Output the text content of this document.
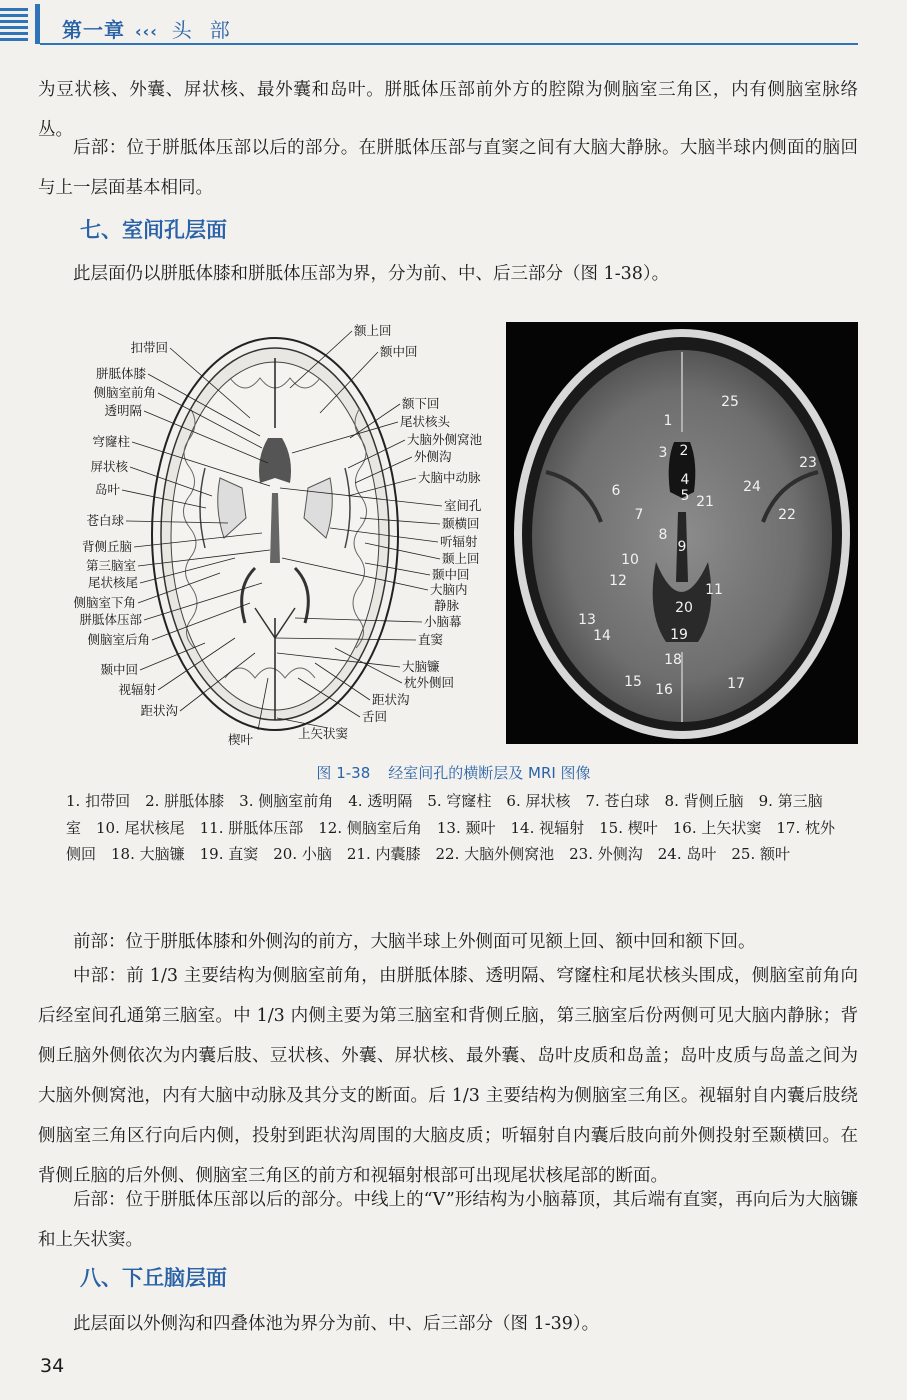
第一章 ‹‹‹ 头部

为豆状核、外囊、屏状核、最外囊和岛叶。胼胝体压部前外方的腔隙为侧脑室三角区，内有侧脑室脉络丛。

后部：位于胼胝体压部以后的部分。在胼胝体压部与直窦之间有大脑大静脉。大脑半球内侧面的脑回与上一层面基本相同。

七、室间孔层面

此层面仍以胼胝体膝和胼胝体压部为界，分为前、中、后三部分（图 1-38）。

扣带回
胼胝体膝
侧脑室前角
透明隔
穹窿柱
屏状核
岛叶
苍白球
背侧丘脑
第三脑室
尾状核尾
侧脑室下角
胼胝体压部
侧脑室后角
颞中回
视辐射
距状沟
额上回
额中回
额下回
尾状核头
大脑外侧窝池
外侧沟
大脑中动脉
室间孔
颞横回
听辐射
颞上回
颞中回
大脑内
静脉
小脑幕
直窦
大脑镰
枕外侧回
距状沟
舌回
楔叶	上矢状窦
1
2
3
4
5
6
7
8
9
10
11
12
13
14
15 16	17
18
19
20
21
22
23
24
25
图 1-38 经室间孔的横断层及 MRI 图像

1. 扣带回　2. 胼胝体膝　3. 侧脑室前角　4. 透明隔　5. 穹窿柱　6. 屏状核　7. 苍白球　8. 背侧丘脑　9. 第三脑室　10. 尾状核尾　11. 胼胝体压部　12. 侧脑室后角　13. 颞叶　14. 视辐射　15. 楔叶　16. 上矢状窦　17. 枕外侧回　18. 大脑镰　19. 直窦　20. 小脑　21. 内囊膝　22. 大脑外侧窝池　23. 外侧沟　24. 岛叶　25. 额叶

前部：位于胼胝体膝和外侧沟的前方，大脑半球上外侧面可见额上回、额中回和额下回。

中部：前 1/3 主要结构为侧脑室前角，由胼胝体膝、透明隔、穹窿柱和尾状核头围成，侧脑室前角向后经室间孔通第三脑室。中 1/3 内侧主要为第三脑室和背侧丘脑，第三脑室后份两侧可见大脑内静脉；背侧丘脑外侧依次为内囊后肢、豆状核、外囊、屏状核、最外囊、岛叶皮质和岛盖；岛叶皮质与岛盖之间为大脑外侧窝池，内有大脑中动脉及其分支的断面。后 1/3 主要结构为侧脑室三角区。视辐射自内囊后肢绕侧脑室三角区行向后内侧，投射到距状沟周围的大脑皮质；听辐射自内囊后肢向前外侧投射至颞横回。在背侧丘脑的后外侧、侧脑室三角区的前方和视辐射根部可出现尾状核尾部的断面。

后部：位于胼胝体压部以后的部分。中线上的“V”形结构为小脑幕顶，其后端有直窦，再向后为大脑镰和上矢状窦。

八、下丘脑层面

此层面以外侧沟和四叠体池为界分为前、中、后三部分（图 1-39）。

34
